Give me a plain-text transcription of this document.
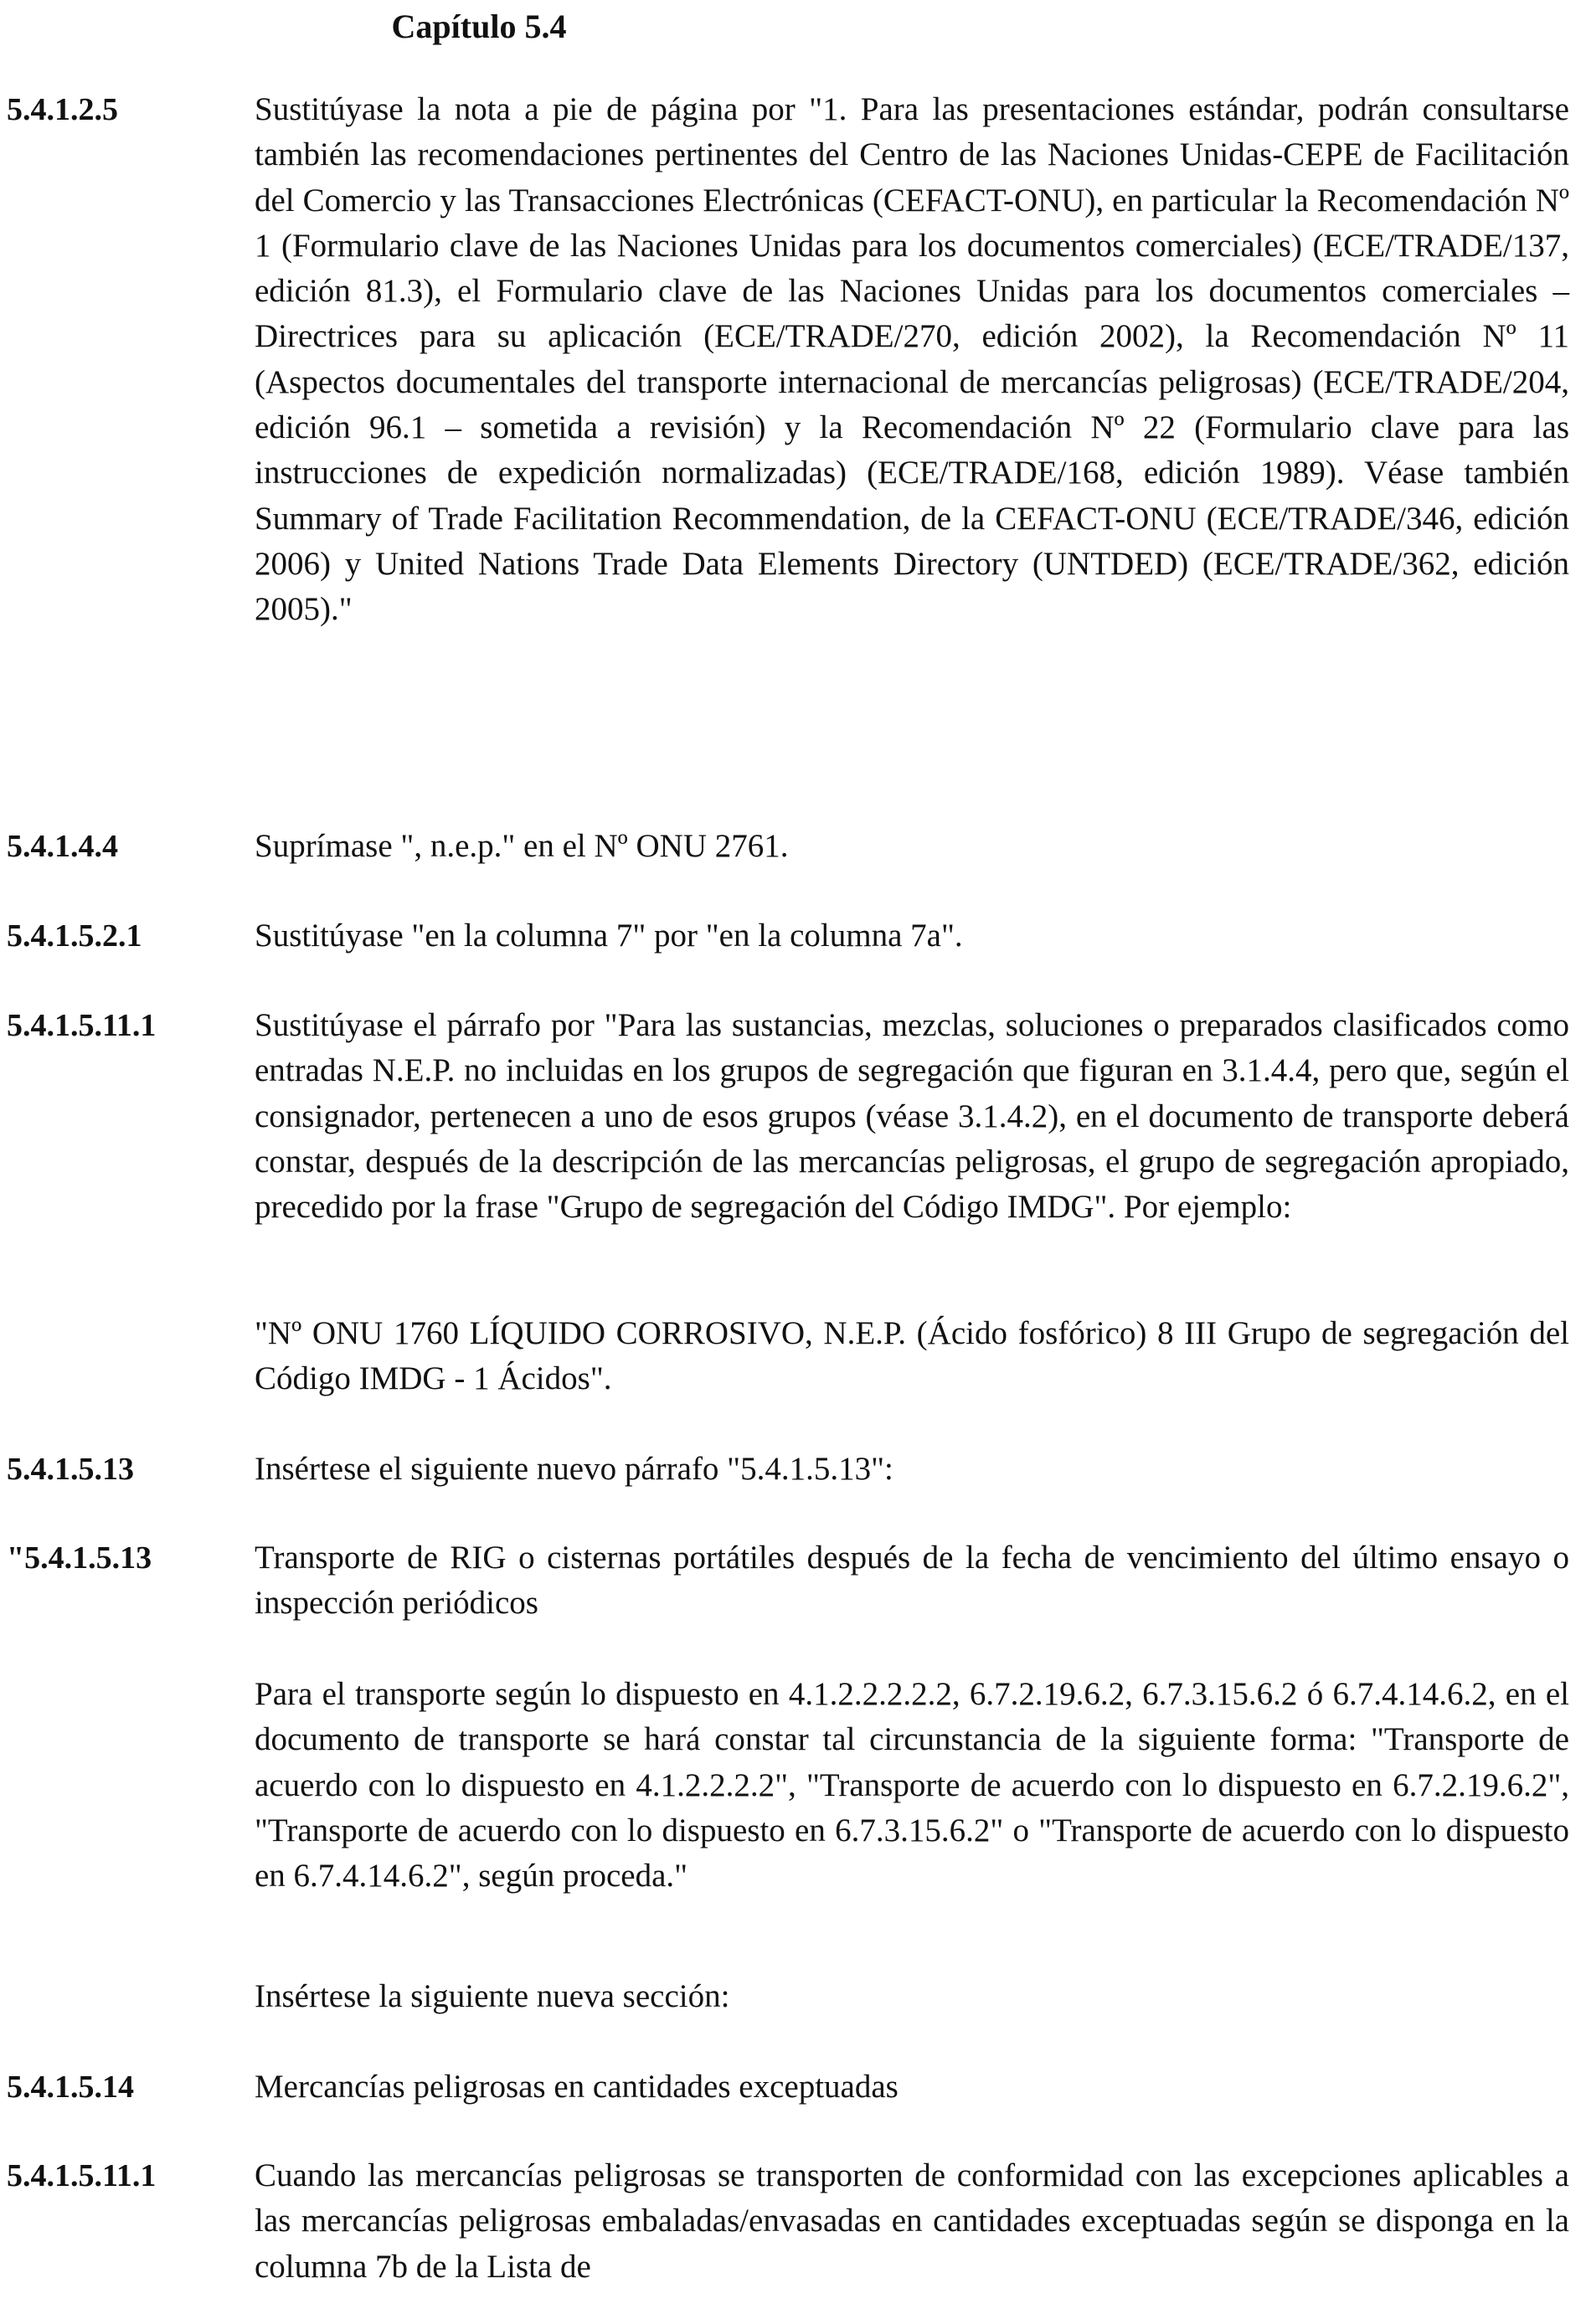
Capítulo 5.4
5.4.1.2.5	Sustitúyase la nota a pie de página por "1. Para las presentaciones estándar, podrán consultarse también las recomendaciones pertinentes del Centro de las Naciones Unidas-CEPE de Facilitación del Comercio y las Transacciones Electrónicas (CEFACT-ONU), en particular la Recomendación Nº 1 (Formulario clave de las Naciones Unidas para los documentos comerciales) (ECE/TRADE/137, edición 81.3), el Formulario clave de las Naciones Unidas para los documentos comerciales – Directrices para su aplicación (ECE/TRADE/270, edición 2002), la Recomendación Nº 11 (Aspectos documentales del transporte internacional de mercancías peligrosas) (ECE/TRADE/204, edición 96.1 – sometida a revisión) y la Recomendación Nº 22 (Formulario clave para las instrucciones de expedición normalizadas) (ECE/TRADE/168, edición 1989). Véase también Summary of Trade Facilitation Recommendation, de la CEFACT-ONU (ECE/TRADE/346, edición 2006) y United Nations Trade Data Elements Directory (UNTDED) (ECE/TRADE/362, edición 2005)."

5.4.1.4.4	Suprímase ", n.e.p." en el Nº ONU 2761.

5.4.1.5.2.1	Sustitúyase "en la columna 7" por "en la columna 7a".

5.4.1.5.11.1	Sustitúyase el párrafo por "Para las sustancias, mezclas, soluciones o preparados clasificados como entradas N.E.P. no incluidas en los grupos de segregación que figuran en 3.1.4.4, pero que, según el consignador, pertenecen a uno de esos grupos (véase 3.1.4.2), en el documento de transporte deberá constar, después de la descripción de las mercancías peligrosas, el grupo de segregación apropiado, precedido por la frase "Grupo de segregación del Código IMDG". Por ejemplo:

"Nº ONU 1760 LÍQUIDO CORROSIVO, N.E.P. (Ácido fosfórico) 8 III Grupo de segregación del Código IMDG - 1 Ácidos".

5.4.1.5.13	Insértese el siguiente nuevo párrafo "5.4.1.5.13":

"5.4.1.5.13	Transporte de RIG o cisternas portátiles después de la fecha de vencimiento del último ensayo o inspección periódicos

Para el transporte según lo dispuesto en 4.1.2.2.2.2.2, 6.7.2.19.6.2, 6.7.3.15.6.2 ó 6.7.4.14.6.2, en el documento de transporte se hará constar tal circunstancia de la siguiente forma: "Transporte de acuerdo con lo dispuesto en 4.1.2.2.2.2", "Transporte de acuerdo con lo dispuesto en 6.7.2.19.6.2", "Transporte de acuerdo con lo dispuesto en 6.7.3.15.6.2" o "Transporte de acuerdo con lo dispuesto en 6.7.4.14.6.2", según proceda."

Insértese la siguiente nueva sección:

5.4.1.5.14	Mercancías peligrosas en cantidades exceptuadas

5.4.1.5.11.1	Cuando las mercancías peligrosas se transporten de conformidad con las excepciones aplicables a las mercancías peligrosas embaladas/envasadas en cantidades exceptuadas según se disponga en la columna 7b de la Lista de
